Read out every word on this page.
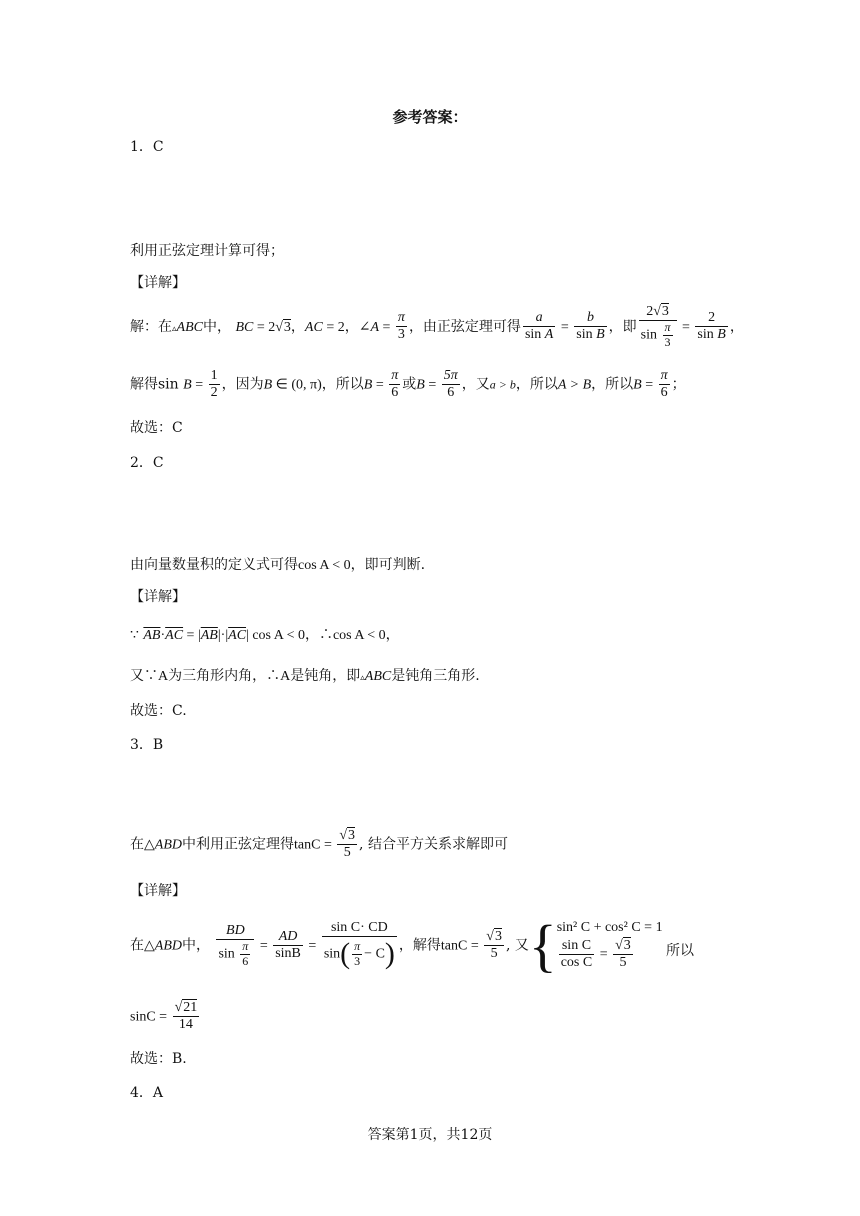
参考答案：
1．C
利用正弦定理计算可得；
【详解】
解：在▵ABC中， BC = 2√3，AC = 2，∠A = $\frac{\pi}{3}$ ，由正弦定理可得 $\frac{a}{\text{sin A}} = \frac{b}{\text{sin B}}$ ，即 $\frac{2√3}{\sin \frac{\pi}{3}} = \frac{2}{\text{sin B}}$ ，
解得$\sin B = \frac{1}{2}$ ，因为B ∈ (0, π)，所以$B = \frac{\pi}{6}$ 或$B = \frac{5\pi}{6}$ ，又a > b，所以A > B，所以$B = \frac{\pi}{6}$ ；
故选：C
2．C
由向量数量积的定义式可得cos A < 0，即可判断.
【详解】
∵ $\overline{AB}\cdot\overline{AC} = |\overline{AB}|\cdot|\overline{AC}|$ cos A < 0，∴cos A < 0，
又∵A为三角形内角，∴A是钝角，即▵ABC是钝角三角形.
故选：C.
3．B
在△ABD中利用正弦定理得$\tan C = \frac{√3}{5}$ , 结合平方关系求解即可
【详解】
在△ABD中， $\frac{BD}{\sin \frac{\pi}{6}} = \frac{AD}{\sin B} = \frac{\text{sin C· CD}}{\sin( \frac{\pi}{3} - C)}$ ，解得$\tan C = \frac{√3}{5}$ , 又{ sin² C + cos² C = 1
$\frac{\text{sin C}}{\text{cos C}} = \frac{√3}{5}$ 所以
$\sin C = \frac{√21}{14}$
故选：B.
4．A
答案第1页，共12页
